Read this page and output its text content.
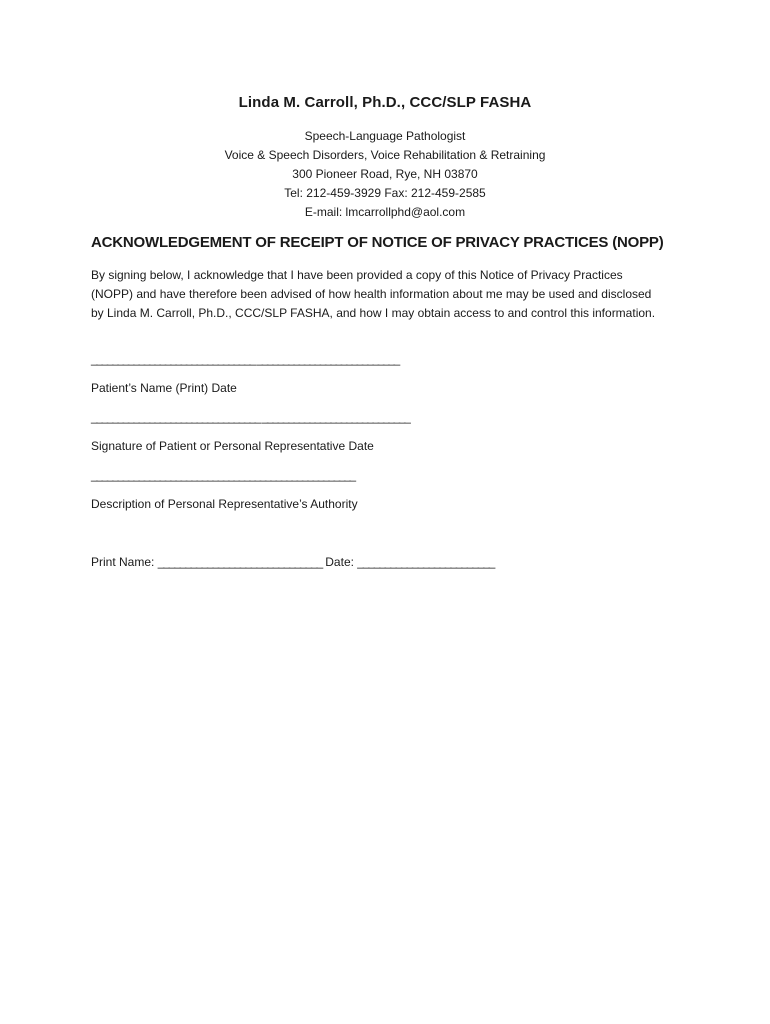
Linda M. Carroll, Ph.D., CCC/SLP FASHA
Speech-Language Pathologist
Voice & Speech Disorders, Voice Rehabilitation & Retraining
300 Pioneer Road, Rye, NH 03870
Tel: 212-459-3929 Fax: 212-459-2585
E-mail: lmcarrollphd@aol.com
ACKNOWLEDGEMENT OF RECEIPT OF NOTICE OF PRIVACY PRACTICES (NOPP)
By signing below, I acknowledge that I have been provided a copy of this Notice of Privacy Practices (NOPP) and have therefore been advised of how health information about me may be used and disclosed by Linda M. Carroll, Ph.D., CCC/SLP FASHA, and how I may obtain access to and control this information.
_______________________________ ___________________________
Patient’s Name (Print) Date
________________________________ ____________________________
Signature of Patient or Personal Representative Date
__________________________________________________
Description of Personal Representative’s Authority
Print Name: ______________________________ Date: _________________________
